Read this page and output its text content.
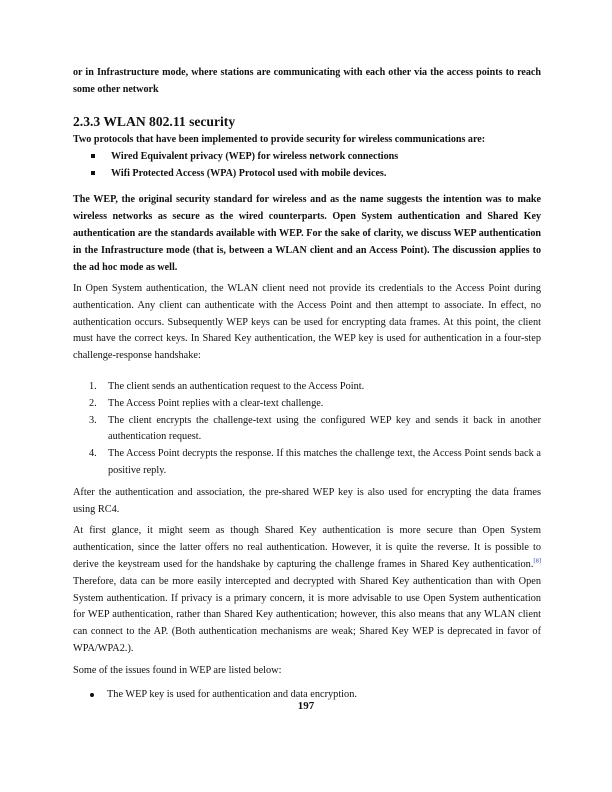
or in Infrastructure mode, where stations are communicating with each other via the access points to reach some other network

2.3.3 WLAN 802.11 security

Two protocols that have been implemented to provide security for wireless communications are:

Wired Equivalent privacy (WEP) for wireless network connections
Wifi Protected Access (WPA) Protocol used with mobile devices.

The WEP, the original security standard for wireless and as the name suggests the intention was to make wireless networks as secure as the wired counterparts. Open System authentication and Shared Key authentication are the standards available with WEP. For the sake of clarity, we discuss WEP authentication in the Infrastructure mode (that is, between a WLAN client and an Access Point). The discussion applies to the ad hoc mode as well.

In Open System authentication, the WLAN client need not provide its credentials to the Access Point during authentication. Any client can authenticate with the Access Point and then attempt to associate. In effect, no authentication occurs. Subsequently WEP keys can be used for encrypting data frames. At this point, the client must have the correct keys. In Shared Key authentication, the WEP key is used for authentication in a four-step challenge-response handshake:

1. The client sends an authentication request to the Access Point.
2. The Access Point replies with a clear-text challenge.
3. The client encrypts the challenge-text using the configured WEP key and sends it back in another authentication request.
4. The Access Point decrypts the response. If this matches the challenge text, the Access Point sends back a positive reply.

After the authentication and association, the pre-shared WEP key is also used for encrypting the data frames using RC4.

At first glance, it might seem as though Shared Key authentication is more secure than Open System authentication, since the latter offers no real authentication. However, it is quite the reverse. It is possible to derive the keystream used for the handshake by capturing the challenge frames in Shared Key authentication.[8] Therefore, data can be more easily intercepted and decrypted with Shared Key authentication than with Open System authentication. If privacy is a primary concern, it is more advisable to use Open System authentication for WEP authentication, rather than Shared Key authentication; however, this also means that any WLAN client can connect to the AP. (Both authentication mechanisms are weak; Shared Key WEP is deprecated in favor of WPA/WPA2.).

Some of the issues found in WEP are listed below:

The WEP key is used for authentication and data encryption.
197
